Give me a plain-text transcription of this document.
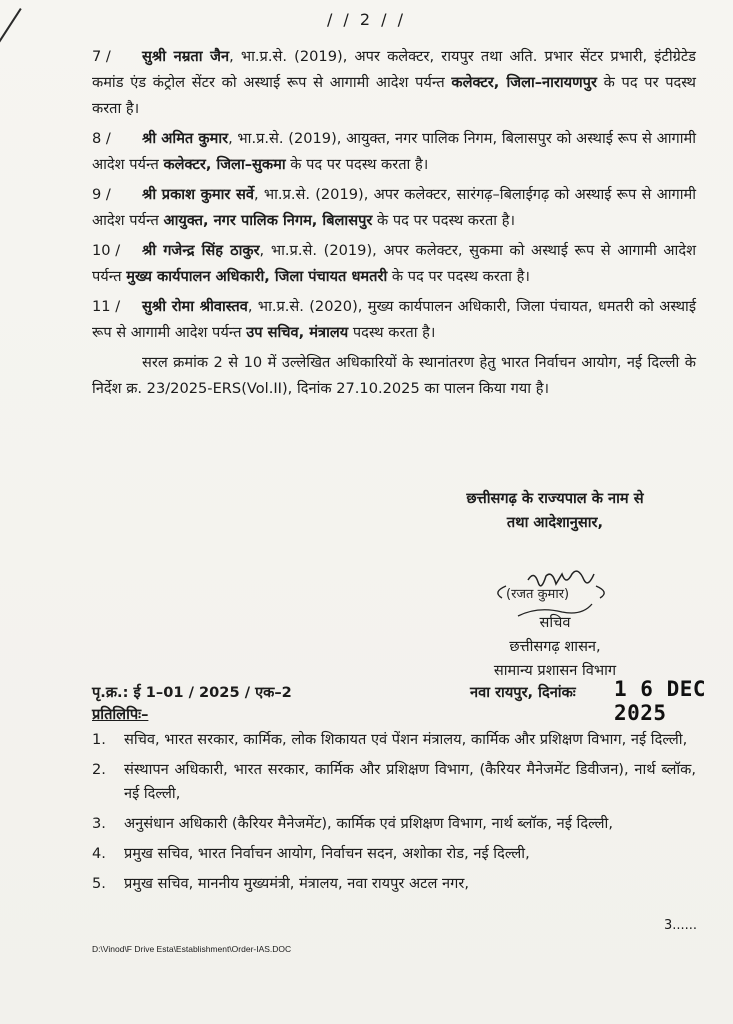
/ / 2 / /

7 / सुश्री नम्रता जैन, भा.प्र.से. (2019), अपर कलेक्टर, रायपुर तथा अति. प्रभार सेंटर प्रभारी, इंटीग्रेटेड कमांड एंड कंट्रोल सेंटर को अस्थाई रूप से आगामी आदेश पर्यन्त कलेक्टर, जिला–नारायणपुर के पद पर पदस्थ करता है।

8 / श्री अमित कुमार, भा.प्र.से. (2019), आयुक्त, नगर पालिक निगम, बिलासपुर को अस्थाई रूप से आगामी आदेश पर्यन्त कलेक्टर, जिला–सुकमा के पद पर पदस्थ करता है।

9 / श्री प्रकाश कुमार सर्वे, भा.प्र.से. (2019), अपर कलेक्टर, सारंगढ़–बिलाईगढ़ को अस्थाई रूप से आगामी आदेश पर्यन्त आयुक्त, नगर पालिक निगम, बिलासपुर के पद पर पदस्थ करता है।

10 / श्री गजेन्द्र सिंह ठाकुर, भा.प्र.से. (2019), अपर कलेक्टर, सुकमा को अस्थाई रूप से आगामी आदेश पर्यन्त मुख्य कार्यपालन अधिकारी, जिला पंचायत धमतरी के पद पर पदस्थ करता है।

11 / सुश्री रोमा श्रीवास्तव, भा.प्र.से. (2020), मुख्य कार्यपालन अधिकारी, जिला पंचायत, धमतरी को अस्थाई रूप से आगामी आदेश पर्यन्त उप सचिव, मंत्रालय पदस्थ करता है।

सरल क्रमांक 2 से 10 में उल्लेखित अधिकारियों के स्थानांतरण हेतु भारत निर्वाचन आयोग, नई दिल्ली के निर्देश क्र. 23/2025-ERS(Vol.II), दिनांक 27.10.2025 का पालन किया गया है।

छत्तीसगढ़ के राज्यपाल के नाम से
तथा आदेशानुसार,
(रजत कुमार)
सचिव
छत्तीसगढ़ शासन,
सामान्य प्रशासन विभाग
पृ.क्र.: ई 1–01 / 2025 / एक–2	नवा रायपुर, दिनांकः 1 6 DEC 2025
प्रतिलिपिः–
1.	सचिव, भारत सरकार, कार्मिक, लोक शिकायत एवं पेंशन मंत्रालय, कार्मिक और प्रशिक्षण विभाग, नई दिल्ली,
2.	संस्थापन अधिकारी, भारत सरकार, कार्मिक और प्रशिक्षण विभाग, (कैरियर मैनेजमेंट डिवीजन), नार्थ ब्लॉक, नई दिल्ली,
3.	अनुसंधान अधिकारी (कैरियर मैनेजमेंट), कार्मिक एवं प्रशिक्षण विभाग, नार्थ ब्लॉक, नई दिल्ली,
4.	प्रमुख सचिव, भारत निर्वाचन आयोग, निर्वाचन सदन, अशोका रोड, नई दिल्ली,
5.	प्रमुख सचिव, माननीय मुख्यमंत्री, मंत्रालय, नवा रायपुर अटल नगर,
3......
D:\Vinod\F Drive Esta\Establishment\Order-IAS.DOC
